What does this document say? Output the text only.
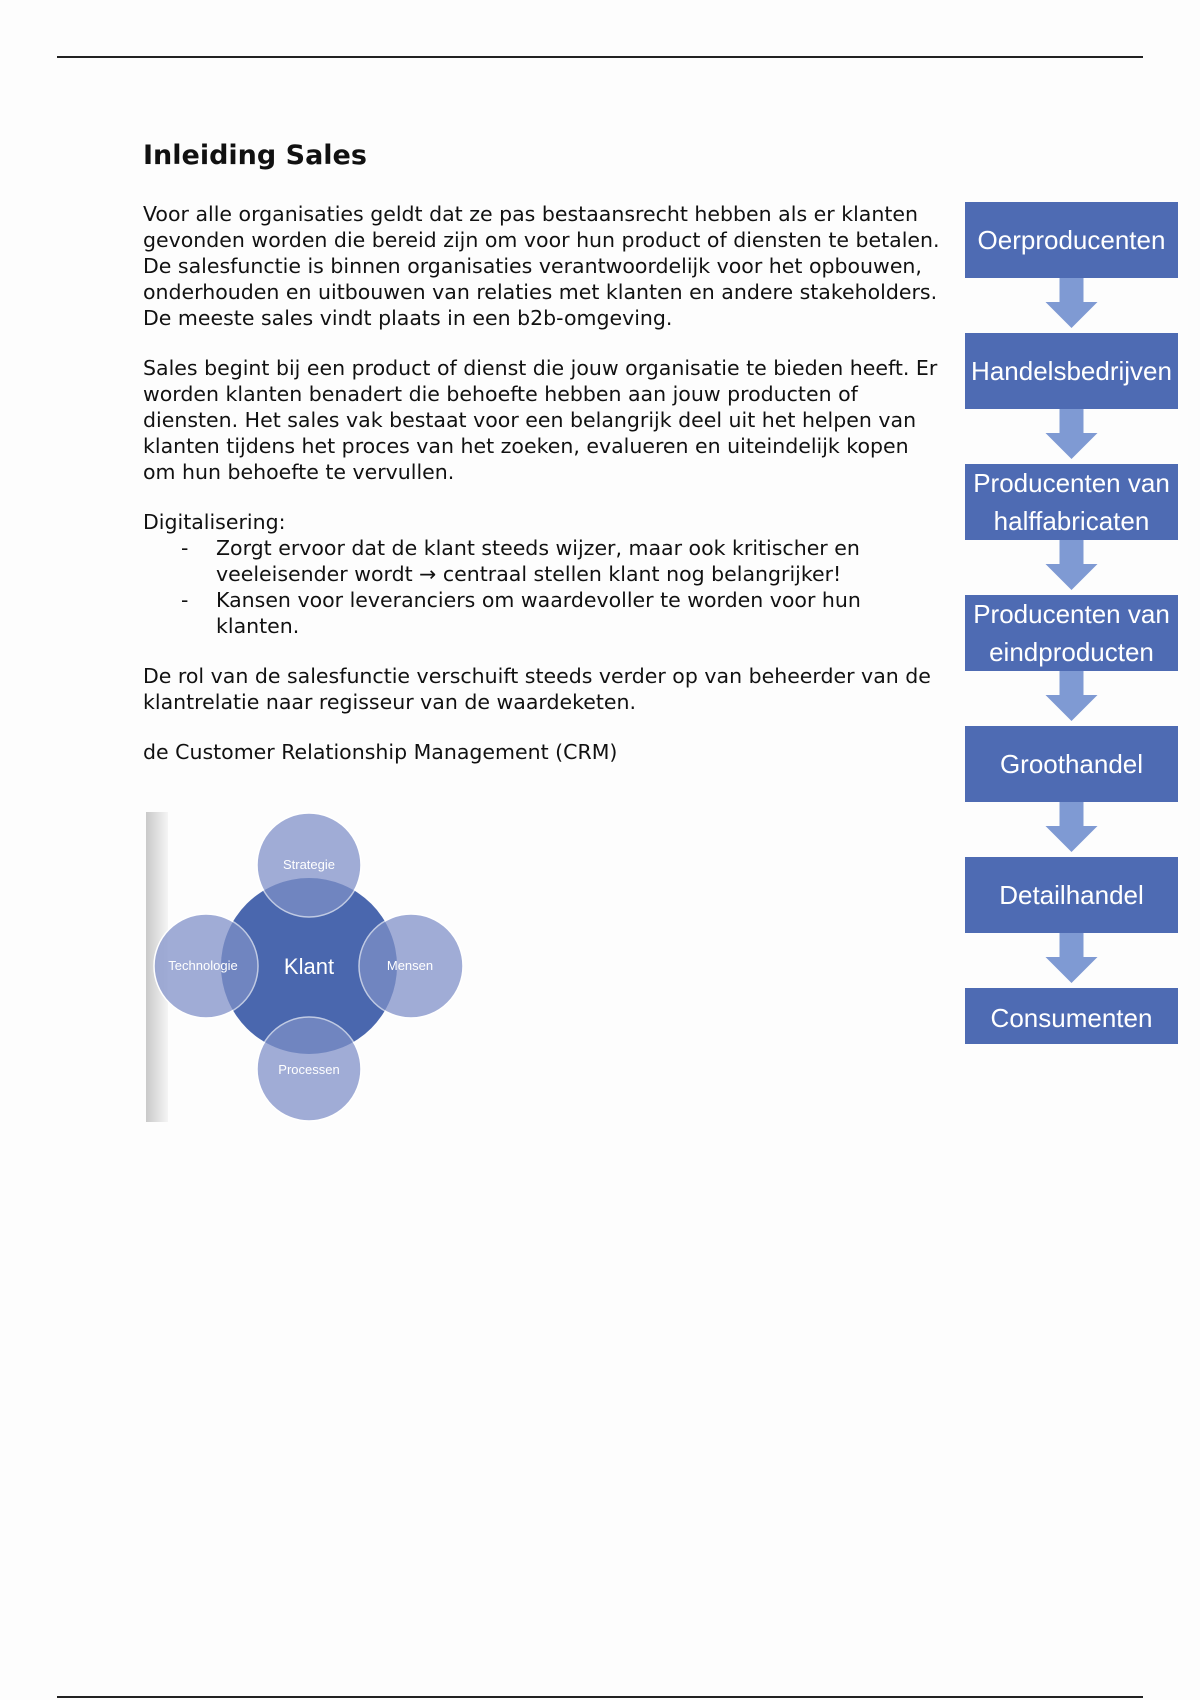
Inleiding Sales

Voor alle organisaties geldt dat ze pas bestaansrecht hebben als er klanten gevonden worden die bereid zijn om voor hun product of diensten te betalen. De salesfunctie is binnen organisaties verantwoordelijk voor het opbouwen, onderhouden en uitbouwen van relaties met klanten en andere stakeholders. De meeste sales vindt plaats in een b2b-omgeving.

Sales begint bij een product of dienst die jouw organisatie te bieden heeft. Er worden klanten benadert die behoefte hebben aan jouw producten of diensten. Het sales vak bestaat voor een belangrijk deel uit het helpen van klanten tijdens het proces van het zoeken, evalueren en uiteindelijk kopen om hun behoefte te vervullen.

Digitalisering:

- Zorgt ervoor dat de klant steeds wijzer, maar ook kritischer en veeleisender wordt → centraal stellen klant nog belangrijker!
- Kansen voor leveranciers om waardevoller te worden voor hun klanten.

De rol van de salesfunctie verschuift steeds verder op van beheerder van de klantrelatie naar regisseur van de waardeketen.

de Customer Relationship Management (CRM)

Klant
Strategie
Technologie	Mensen
Processen
Oerproducenten
Handelsbedrijven
Producenten van
halffabricaten
Producenten van
eindproducten
Groothandel
Detailhandel
Consumenten
